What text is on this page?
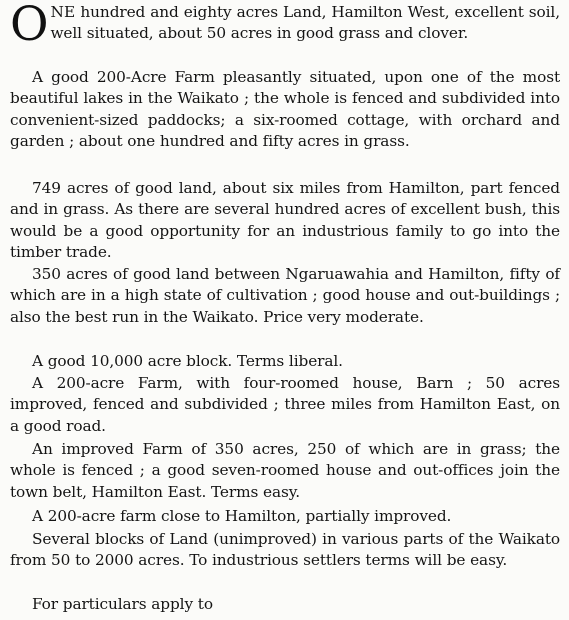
ONE hundred and eighty acres Land, Hamilton West, excellent soil, well situated, about 50 acres in good grass and clover.

A good 200-Acre Farm pleasantly situated, upon one of the most beautiful lakes in the Waikato ; the whole is fenced and subdivided into convenient-sized paddocks; a six-roomed cottage, with orchard and garden ; about one hundred and fifty acres in grass.

749 acres of good land, about six miles from Hamilton, part fenced and in grass. As there are several hundred acres of excellent bush, this would be a good opportunity for an industrious family to go into the timber trade.

350 acres of good land between Ngaruawahia and Hamilton, fifty of which are in a high state of cultivation ; good house and out-buildings ; also the best run in the Waikato. Price very moderate.

A good 10,000 acre block. Terms liberal.

A 200-acre Farm, with four-roomed house, Barn ; 50 acres improved, fenced and subdivided ; three miles from Hamilton East, on a good road.

An improved Farm of 350 acres, 250 of which are in grass; the whole is fenced ; a good seven-roomed house and out-offices join the town belt, Hamilton East. Terms easy.

A 200-acre farm close to Hamilton, partially improved.

Several blocks of Land (unimproved) in various parts of the Waikato from 50 to 2000 acres. To industrious settlers terms will be easy.

For particulars apply to
